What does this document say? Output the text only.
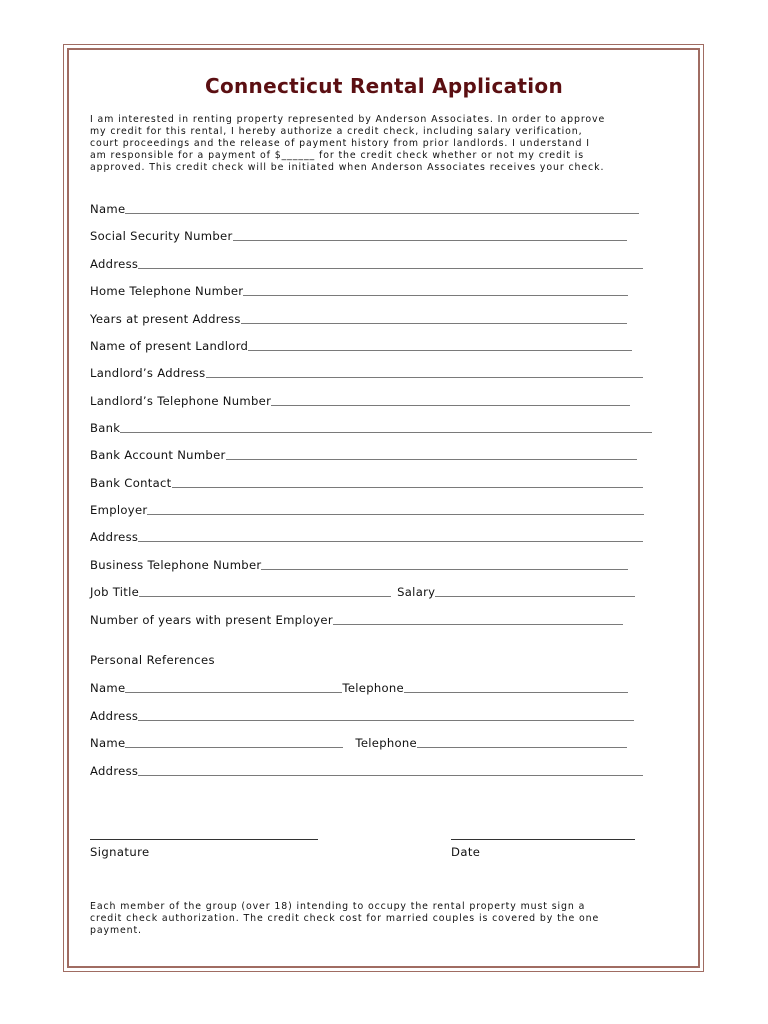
Connecticut Rental Application
I am interested in renting property represented by Anderson Associates. In order to approve
my credit for this rental, I hereby authorize a credit check, including salary verification,
court proceedings and the release of payment history from prior landlords. I understand I
am responsible for a payment of $______ for the credit check whether or not my credit is
approved. This credit check will be initiated when Anderson Associates receives your check.
Name
Social Security Number
Address
Home Telephone Number
Years at present Address
Name of present Landlord
Landlord’s Address
Landlord’s Telephone Number
Bank
Bank Account Number
Bank Contact
Employer
Address
Business Telephone Number
Job Title	Salary
Number of years with present Employer
Personal References
Name	Telephone
Address
Name	Telephone
Address
Signature	Date
Each member of the group (over 18) intending to occupy the rental property must sign a
credit check authorization. The credit check cost for married couples is covered by the one
payment.
